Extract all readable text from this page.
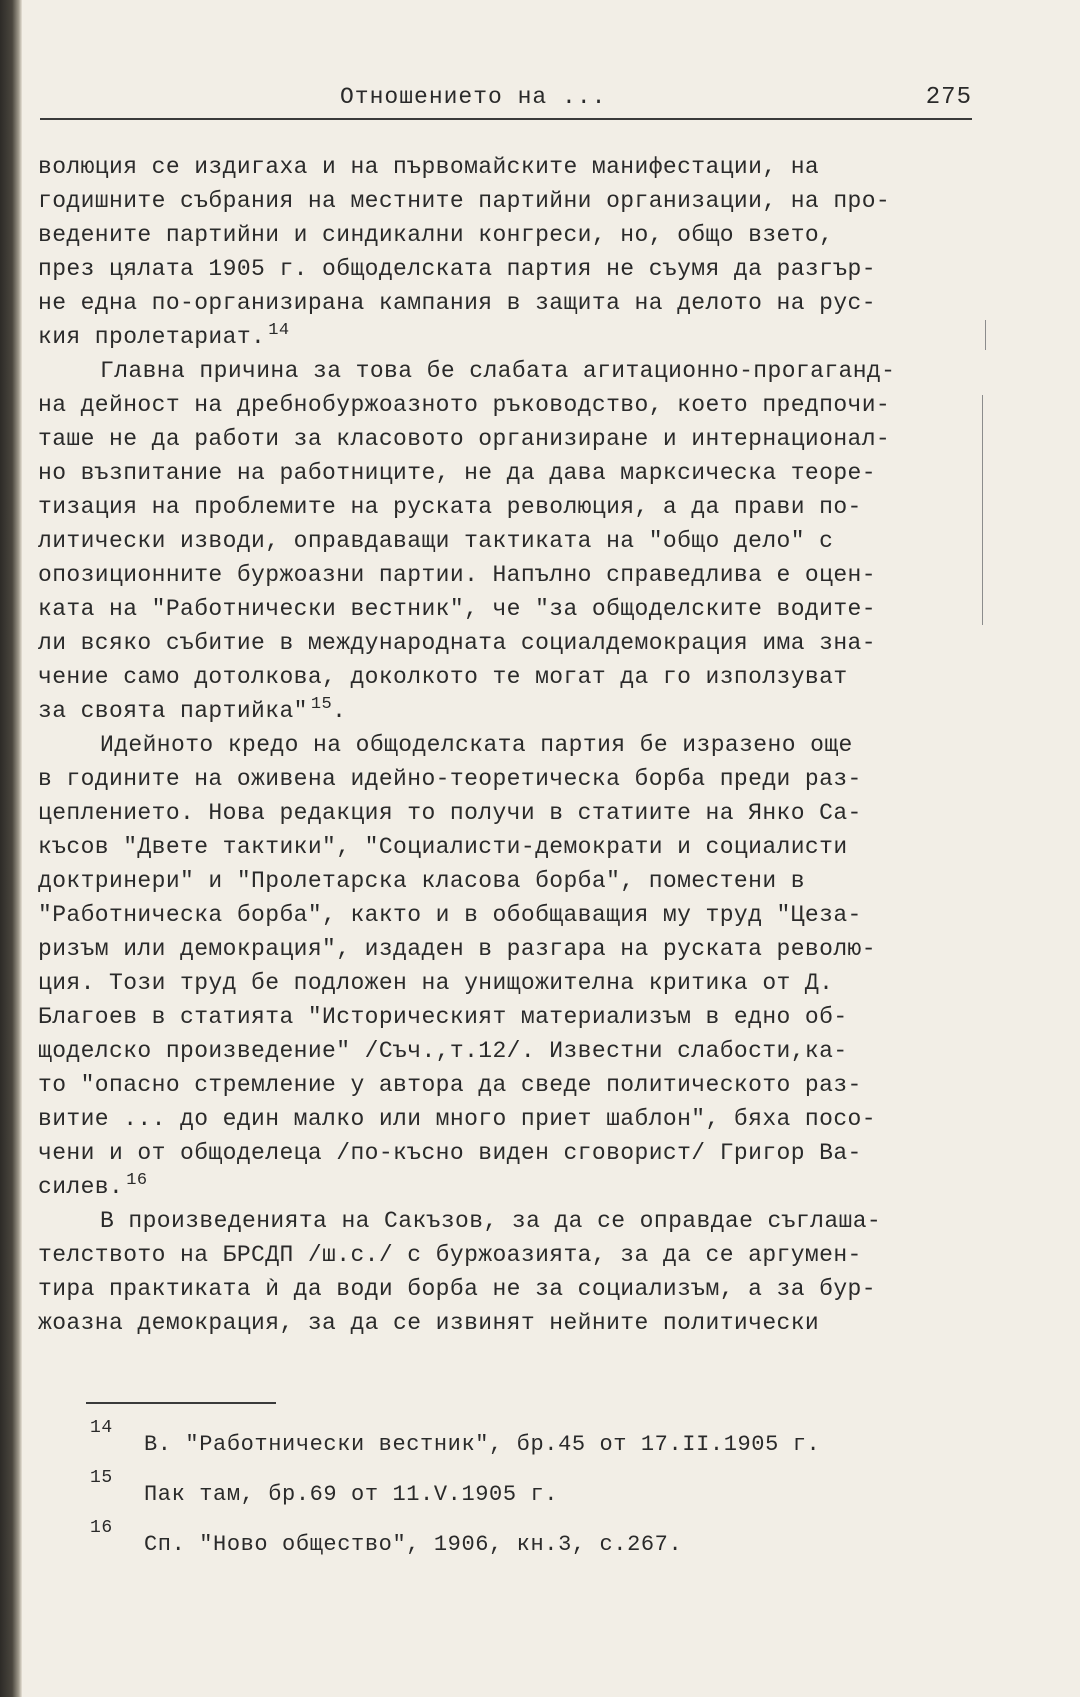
Отношението на ...	275
волюция се издигаха и на първомайските манифестации, на
годишните събрания на местните партийни организации, на про-
ведените партийни и синдикални конгреси, но, общо взето,
през цялата 1905 г. общоделската партия не съумя да разгър-
не една по-организирана кампания в защита на делото на рус-
кия пролетариат. $^{14}$
Главна причина за това бе слабата агитационно-прогаганд-
на дейност на дребнобуржоазното ръководство, което предпочи-
таше не да работи за класовото организиране и интернационал-
но възпитание на работниците, не да дава марксическа теоре-
тизация на проблемите на руската революция, а да прави по-
литически изводи, оправдаващи тактиката на "общо дело" с
опозиционните буржоазни партии. Напълно справедлива е оцен-
ката на "Работнически вестник", че "за общоделските водите-
ли всяко събитие в международната социалдемокрация има зна-
чение само дотолкова, доколкото те могат да го използуват
за своята партийка" $^{15}$.
Идейното кредо на общоделската партия бе изразено още
в годините на оживена идейно-теоретическа борба преди раз-
цеплението. Нова редакция то получи в статиите на Янко Са-
късов "Двете тактики", "Социалисти-демократи и социалисти
доктринери" и "Пролетарска класова борба", поместени в
"Работническа борба", както и в обобщаващия му труд "Цеза-
ризъм или демокрация", издаден в разгара на руската револю-
ция. Този труд бе подложен на унищожителна критика от Д.
Благоев в статията "Историческият материализъм в едно об-
щоделско произведение" /Съч.,т.12/. Известни слабости,ка-
то "опасно стремление у автора да сведе политическото раз-
витие ... до един малко или много приет шаблон", бяха посо-
чени и от общоделеца /по-късно виден сговорист/ Григор Ва-
силев. $^{16}$
В произведенията на Сакъзов, за да се оправдае съглаша-
телството на БРСДП /ш.с./ с буржоазията, за да се аргумен-
тира практиката ѝ да води борба не за социализъм, а за бур-
жоазна демокрация, за да се извинят нейните политически
14
В. "Работнически вестник", бр.45 от 17.II.1905 г.
15
Пак там, бр.69 от 11.V.1905 г.
16
Сп. "Ново общество", 1906, кн.3, с.267.
